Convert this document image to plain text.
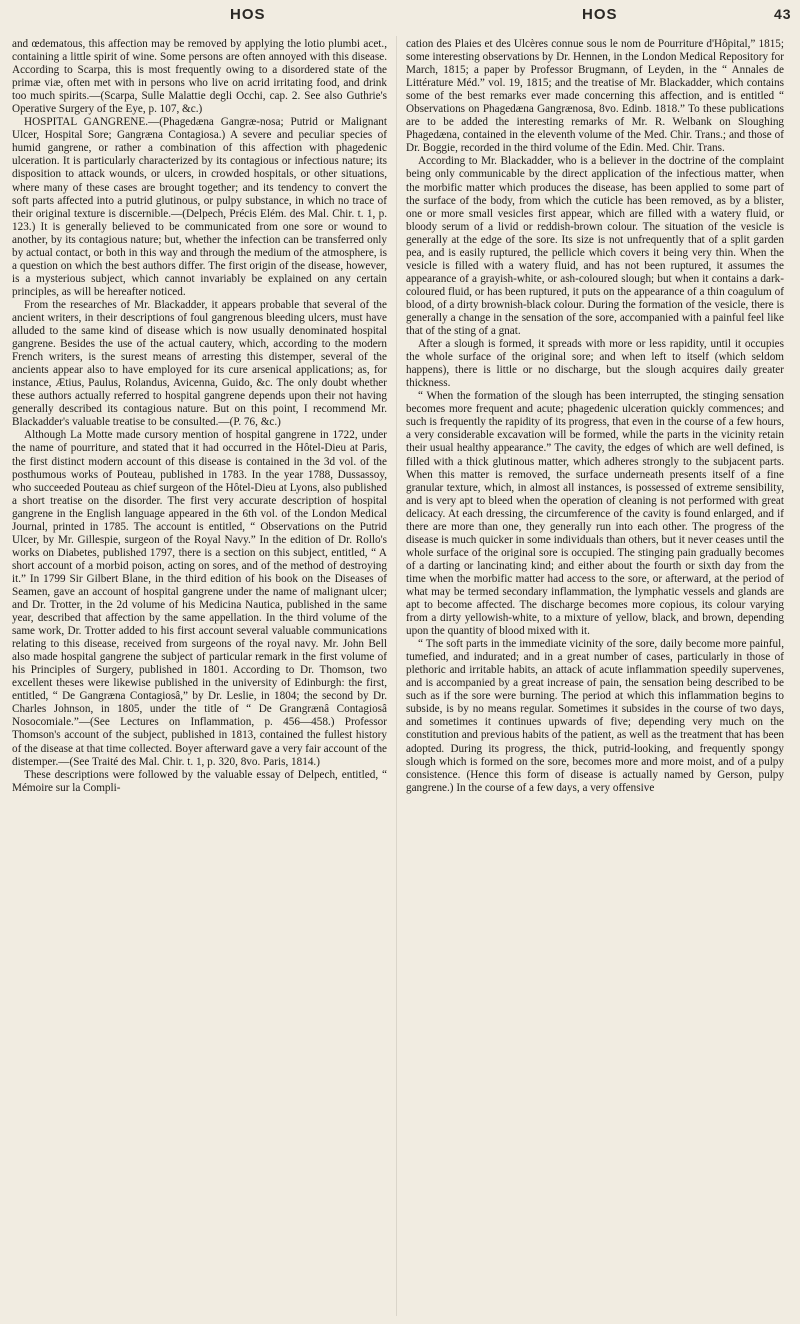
HOS	HOS	43

and œdematous, this affection may be removed by applying the lotio plumbi acet., containing a little spirit of wine. Some persons are often annoyed with this disease. According to Scarpa, this is most frequently owing to a disordered state of the primæ viæ, often met with in persons who live on acrid irritating food, and drink too much spirits.—(Scarpa, Sulle Malattie degli Occhi, cap. 2. See also Guthrie's Operative Surgery of the Eye, p. 107, &c.)

HOSPITAL GANGRENE.—(Phagedæna Gangræ-nosa; Putrid or Malignant Ulcer, Hospital Sore; Gangræna Contagiosa.) A severe and peculiar species of humid gangrene, or rather a combination of this affection with phagedenic ulceration. It is particularly characterized by its contagious or infectious nature; its disposition to attack wounds, or ulcers, in crowded hospitals, or other situations, where many of these cases are brought together; and its tendency to convert the soft parts affected into a putrid glutinous, or pulpy substance, in which no trace of their original texture is discernible.—(Delpech, Précis Elém. des Mal. Chir. t. 1, p. 123.) It is generally believed to be communicated from one sore or wound to another, by its contagious nature; but, whether the infection can be transferred only by actual contact, or both in this way and through the medium of the atmosphere, is a question on which the best authors differ. The first origin of the disease, however, is a mysterious subject, which cannot invariably be explained on any certain principles, as will be hereafter noticed.

From the researches of Mr. Blackadder, it appears probable that several of the ancient writers, in their descriptions of foul gangrenous bleeding ulcers, must have alluded to the same kind of disease which is now usually denominated hospital gangrene. Besides the use of the actual cautery, which, according to the modern French writers, is the surest means of arresting this distemper, several of the ancients appear also to have employed for its cure arsenical applications; as, for instance, Ætius, Paulus, Rolandus, Avicenna, Guido, &c. The only doubt whether these authors actually referred to hospital gangrene depends upon their not having generally described its contagious nature. But on this point, I recommend Mr. Blackadder's valuable treatise to be consulted.—(P. 76, &c.)

Although La Motte made cursory mention of hospital gangrene in 1722, under the name of pourriture, and stated that it had occurred in the Hôtel-Dieu at Paris, the first distinct modern account of this disease is contained in the 3d vol. of the posthumous works of Pouteau, published in 1783. In the year 1788, Dussassoy, who succeeded Pouteau as chief surgeon of the Hôtel-Dieu at Lyons, also published a short treatise on the disorder. The first very accurate description of hospital gangrene in the English language appeared in the 6th vol. of the London Medical Journal, printed in 1785. The account is entitled, “ Observations on the Putrid Ulcer, by Mr. Gillespie, surgeon of the Royal Navy.” In the edition of Dr. Rollo's works on Diabetes, published 1797, there is a section on this subject, entitled, “ A short account of a morbid poison, acting on sores, and of the method of destroying it.” In 1799 Sir Gilbert Blane, in the third edition of his book on the Diseases of Seamen, gave an account of hospital gangrene under the name of malignant ulcer; and Dr. Trotter, in the 2d volume of his Medicina Nautica, published in the same year, described that affection by the same appellation. In the third volume of the same work, Dr. Trotter added to his first account several valuable communications relating to this disease, received from surgeons of the royal navy. Mr. John Bell also made hospital gangrene the subject of particular remark in the first volume of his Principles of Surgery, published in 1801. According to Dr. Thomson, two excellent theses were likewise published in the university of Edinburgh: the first, entitled, “ De Gangræna Contagiosâ,” by Dr. Leslie, in 1804; the second by Dr. Charles Johnson, in 1805, under the title of “ De Grangrænâ Contagiosâ Nosocomiale.”—(See Lectures on Inflammation, p. 456—458.) Professor Thomson's account of the subject, published in 1813, contained the fullest history of the disease at that time collected. Boyer afterward gave a very fair account of the distemper.—(See Traité des Mal. Chir. t. 1, p. 320, 8vo. Paris, 1814.)

These descriptions were followed by the valuable essay of Delpech, entitled, “ Mémoire sur la Compli-

cation des Plaies et des Ulcères connue sous le nom de Pourriture d'Hôpital,” 1815; some interesting observations by Dr. Hennen, in the London Medical Repository for March, 1815; a paper by Professor Brugmann, of Leyden, in the “ Annales de Littérature Méd.” vol. 19, 1815; and the treatise of Mr. Blackadder, which contains some of the best remarks ever made concerning this affection, and is entitled “ Observations on Phagedæna Gangrænosa, 8vo. Edinb. 1818.” To these publications are to be added the interesting remarks of Mr. R. Welbank on Sloughing Phagedæna, contained in the eleventh volume of the Med. Chir. Trans.; and those of Dr. Boggie, recorded in the third volume of the Edin. Med. Chir. Trans.

According to Mr. Blackadder, who is a believer in the doctrine of the complaint being only communicable by the direct application of the infectious matter, when the morbific matter which produces the disease, has been applied to some part of the surface of the body, from which the cuticle has been removed, as by a blister, one or more small vesicles first appear, which are filled with a watery fluid, or bloody serum of a livid or reddish-brown colour. The situation of the vesicle is generally at the edge of the sore. Its size is not unfrequently that of a split garden pea, and is easily ruptured, the pellicle which covers it being very thin. When the vesicle is filled with a watery fluid, and has not been ruptured, it assumes the appearance of a grayish-white, or ash-coloured slough; but when it contains a dark-coloured fluid, or has been ruptured, it puts on the appearance of a thin coagulum of blood, of a dirty brownish-black colour. During the formation of the vesicle, there is generally a change in the sensation of the sore, accompanied with a painful feel like that of the sting of a gnat.

After a slough is formed, it spreads with more or less rapidity, until it occupies the whole surface of the original sore; and when left to itself (which seldom happens), there is little or no discharge, but the slough acquires daily greater thickness.

“ When the formation of the slough has been interrupted, the stinging sensation becomes more frequent and acute; phagedenic ulceration quickly commences; and such is frequently the rapidity of its progress, that even in the course of a few hours, a very considerable excavation will be formed, while the parts in the vicinity retain their usual healthy appearance.” The cavity, the edges of which are well defined, is filled with a thick glutinous matter, which adheres strongly to the subjacent parts. When this matter is removed, the surface underneath presents itself of a fine granular texture, which, in almost all instances, is possessed of extreme sensibility, and is very apt to bleed when the operation of cleaning is not performed with great delicacy. At each dressing, the circumference of the cavity is found enlarged, and if there are more than one, they generally run into each other. The progress of the disease is much quicker in some individuals than others, but it never ceases until the whole surface of the original sore is occupied. The stinging pain gradually becomes of a darting or lancinating kind; and either about the fourth or sixth day from the time when the morbific matter had access to the sore, or afterward, at the period of what may be termed secondary inflammation, the lymphatic vessels and glands are apt to become affected. The discharge becomes more copious, its colour varying from a dirty yellowish-white, to a mixture of yellow, black, and brown, depending upon the quantity of blood mixed with it.

“ The soft parts in the immediate vicinity of the sore, daily become more painful, tumefied, and indurated; and in a great number of cases, particularly in those of plethoric and irritable habits, an attack of acute inflammation speedily supervenes, and is accompanied by a great increase of pain, the sensation being described to be such as if the sore were burning. The period at which this inflammation begins to subside, is by no means regular. Sometimes it subsides in the course of two days, and sometimes it continues upwards of five; depending very much on the constitution and previous habits of the patient, as well as the treatment that has been adopted. During its progress, the thick, putrid-looking, and frequently spongy slough which is formed on the sore, becomes more and more moist, and of a pulpy consistence. (Hence this form of disease is actually named by Gerson, pulpy gangrene.) In the course of a few days, a very offensive
